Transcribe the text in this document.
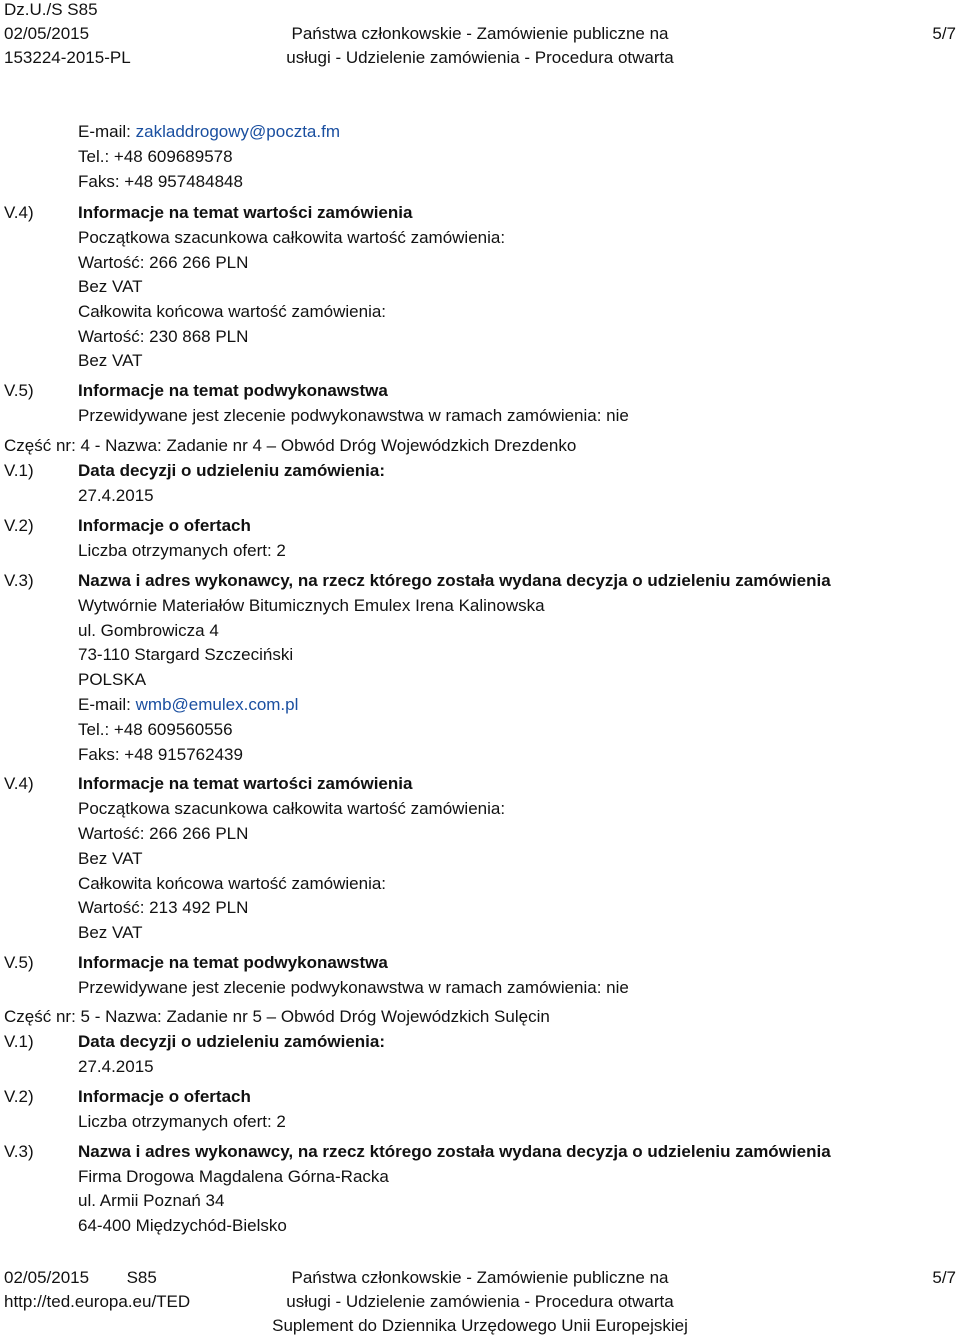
Dz.U./S S85
02/05/2015
153224-2015-PL
Państwa członkowskie - Zamówienie publiczne na
usługi - Udzielenie zamówienia - Procedura otwarta
5/7
E-mail: zakladdrogowy@poczta.fm
Tel.: +48 609689578
Faks: +48 957484848
V.4)	Informacje na temat wartości zamówienia
Początkowa szacunkowa całkowita wartość zamówienia:
Wartość: 266 266 PLN
Bez VAT
Całkowita końcowa wartość zamówienia:
Wartość: 230 868 PLN
Bez VAT
V.5)	Informacje na temat podwykonawstwa
Przewidywane jest zlecenie podwykonawstwa w ramach zamówienia: nie
Część nr: 4 - Nazwa: Zadanie nr 4 – Obwód Dróg Wojewódzkich Drezdenko
V.1)	Data decyzji o udzieleniu zamówienia:
27.4.2015
V.2)	Informacje o ofertach
Liczba otrzymanych ofert: 2
V.3)	Nazwa i adres wykonawcy, na rzecz którego została wydana decyzja o udzieleniu zamówienia
Wytwórnie Materiałów Bitumicznych Emulex Irena Kalinowska
ul. Gombrowicza 4
73-110 Stargard Szczeciński
POLSKA
E-mail: wmb@emulex.com.pl
Tel.: +48 609560556
Faks: +48 915762439
V.4)	Informacje na temat wartości zamówienia
Początkowa szacunkowa całkowita wartość zamówienia:
Wartość: 266 266 PLN
Bez VAT
Całkowita końcowa wartość zamówienia:
Wartość: 213 492 PLN
Bez VAT
V.5)	Informacje na temat podwykonawstwa
Przewidywane jest zlecenie podwykonawstwa w ramach zamówienia: nie
Część nr: 5 - Nazwa: Zadanie nr 5 – Obwód Dróg Wojewódzkich Sulęcin
V.1)	Data decyzji o udzieleniu zamówienia:
27.4.2015
V.2)	Informacje o ofertach
Liczba otrzymanych ofert: 2
V.3)	Nazwa i adres wykonawcy, na rzecz którego została wydana decyzja o udzieleniu zamówienia
Firma Drogowa Magdalena Górna-Racka
ul. Armii Poznań 34
64-400 Międzychód-Bielsko
02/05/2015 S85
http://ted.europa.eu/TED
Państwa członkowskie - Zamówienie publiczne na
usługi - Udzielenie zamówienia - Procedura otwarta
Suplement do Dziennika Urzędowego Unii Europejskiej
5/7
